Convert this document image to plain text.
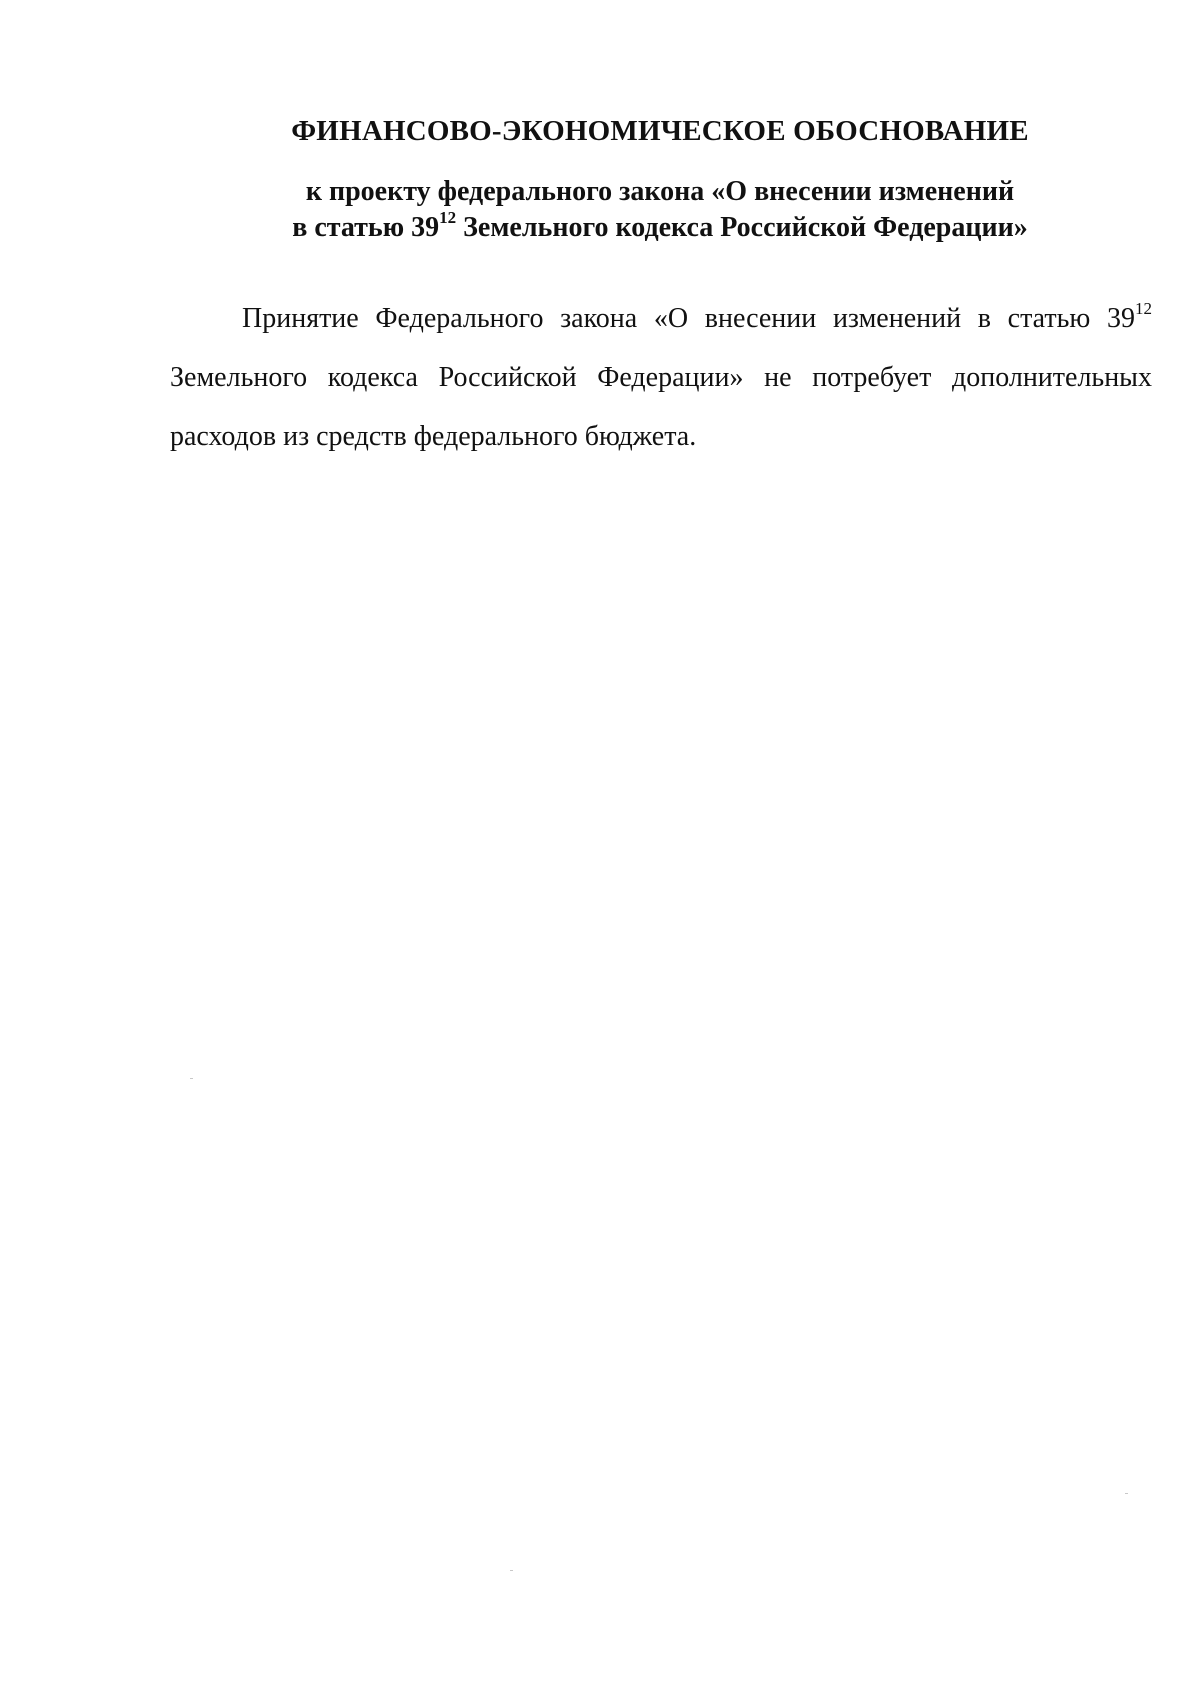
ФИНАНСОВО-ЭКОНОМИЧЕСКОЕ ОБОСНОВАНИЕ
к проекту федерального закона «О внесении изменений
в статью $39^{12}$ Земельного кодекса Российской Федерации»
Принятие Федерального закона «О внесении изменений в статью $39^{12}$
Земельного кодекса Российской Федерации» не потребует дополнительных
расходов из средств федерального бюджета.
